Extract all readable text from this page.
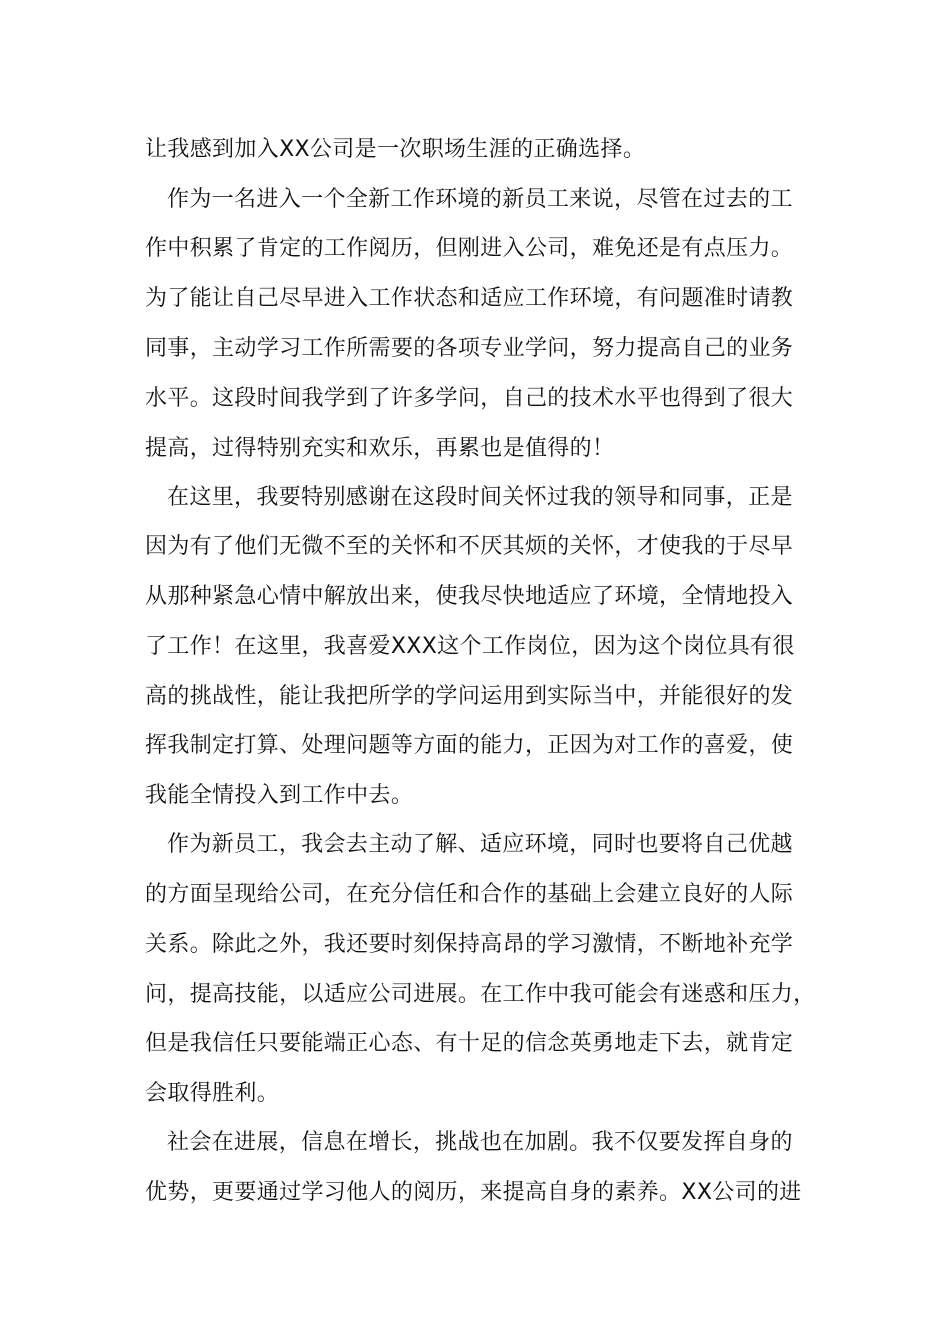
让我感到加入XX公司是一次职场生涯的正确选择。
作为一名进入一个全新工作环境的新员工来说，尽管在过去的工
作中积累了肯定的工作阅历，但刚进入公司，难免还是有点压力。
为了能让自己尽早进入工作状态和适应工作环境，有问题准时请教
同事，主动学习工作所需要的各项专业学问，努力提高自己的业务
水平。这段时间我学到了许多学问，自己的技术水平也得到了很大
提高，过得特别充实和欢乐，再累也是值得的！
在这里，我要特别感谢在这段时间关怀过我的领导和同事，正是
因为有了他们无微不至的关怀和不厌其烦的关怀，才使我的于尽早
从那种紧急心情中解放出来，使我尽快地适应了环境，全情地投入
了工作！在这里，我喜爱XXX这个工作岗位，因为这个岗位具有很
高的挑战性，能让我把所学的学问运用到实际当中，并能很好的发
挥我制定打算、处理问题等方面的能力，正因为对工作的喜爱，使
我能全情投入到工作中去。
作为新员工，我会去主动了解、适应环境，同时也要将自己优越
的方面呈现给公司，在充分信任和合作的基础上会建立良好的人际
关系。除此之外，我还要时刻保持高昂的学习激情，不断地补充学
问，提高技能，以适应公司进展。在工作中我可能会有迷惑和压力，
但是我信任只要能端正心态、有十足的信念英勇地走下去，就肯定
会取得胜利。
社会在进展，信息在增长，挑战也在加剧。我不仅要发挥自身的
优势，更要通过学习他人的阅历，来提高自身的素养。XX公司的进
